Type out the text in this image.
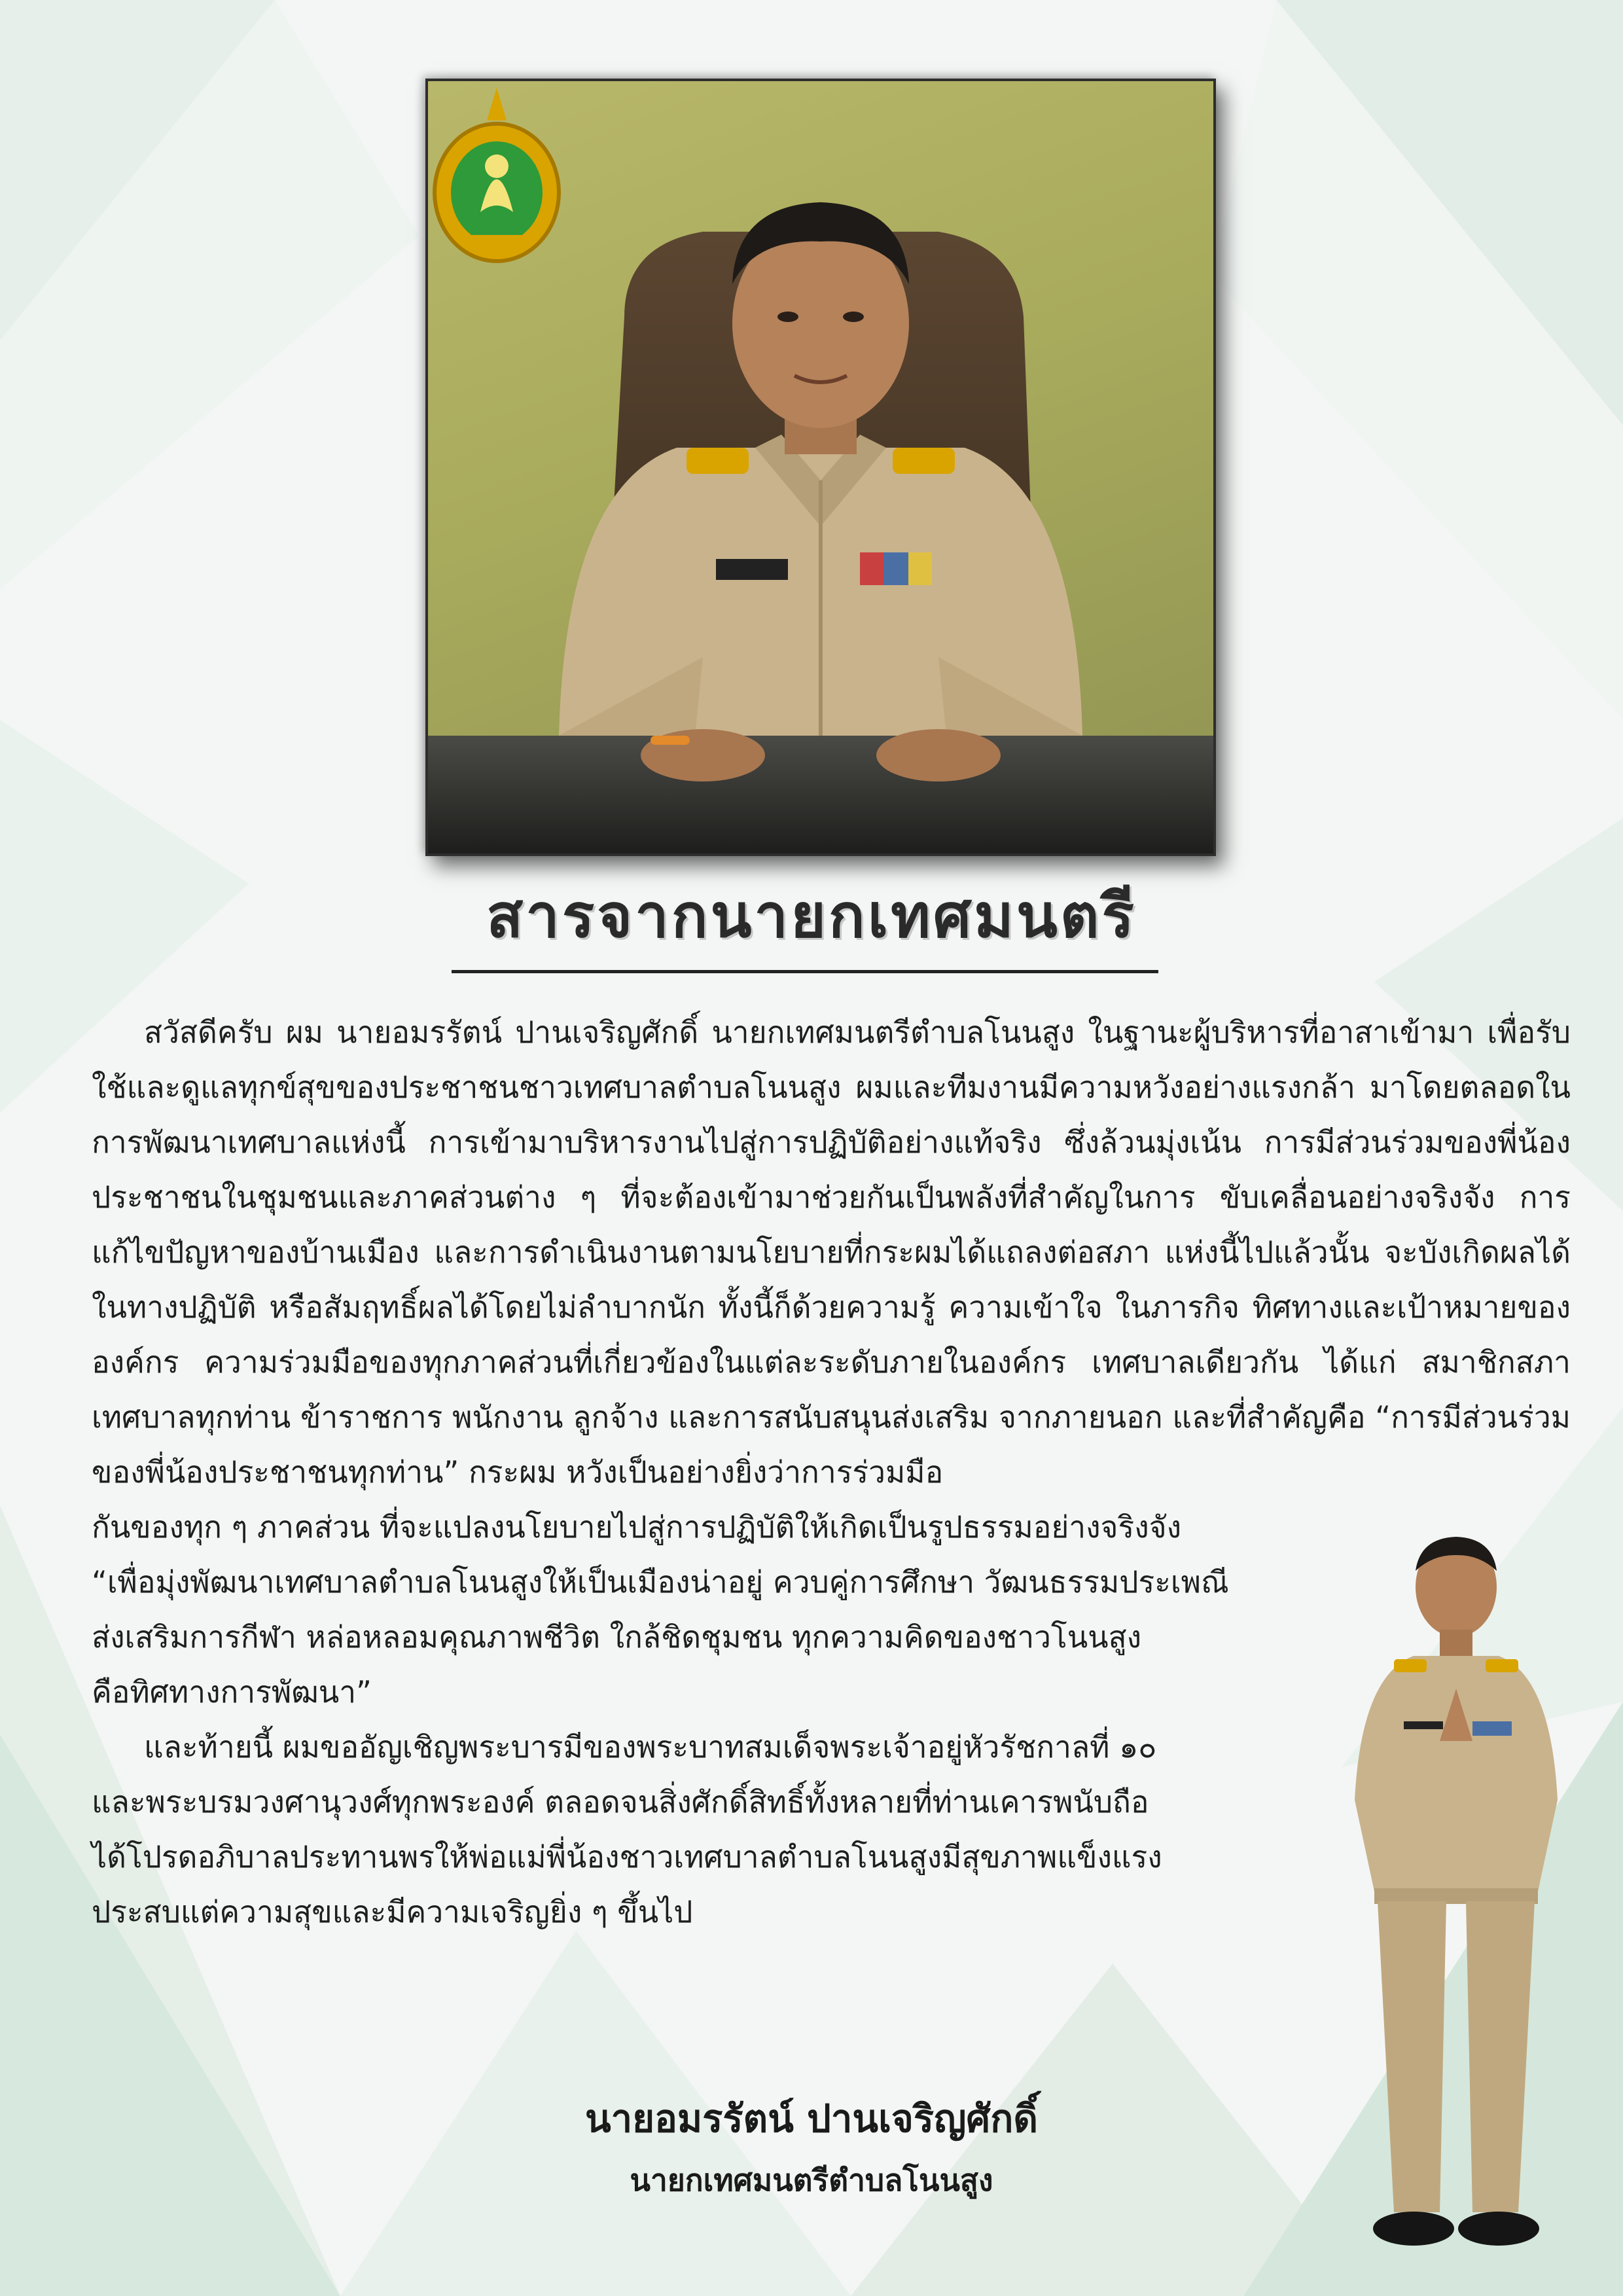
สารจากนายกเทศมนตรี

สวัสดีครับ ผม นายอมรรัตน์ ปานเจริญศักดิ์ นายกเทศมนตรีตำบลโนนสูง ในฐานะผู้บริหารที่อาสาเข้ามา เพื่อรับใช้และดูแลทุกข์สุขของประชาชนชาวเทศบาลตำบลโนนสูง ผมและทีมงานมีความหวังอย่างแรงกล้า มาโดยตลอดในการพัฒนาเทศบาลแห่งนี้ การเข้ามาบริหารงานไปสู่การปฏิบัติอย่างแท้จริง ซึ่งล้วนมุ่งเน้น การมีส่วนร่วมของพี่น้องประชาชนในชุมชนและภาคส่วนต่าง ๆ ที่จะต้องเข้ามาช่วยกันเป็นพลังที่สำคัญในการ ขับเคลื่อนอย่างจริงจัง การแก้ไขปัญหาของบ้านเมือง และการดำเนินงานตามนโยบายที่กระผมได้แถลงต่อสภา แห่งนี้ไปแล้วนั้น จะบังเกิดผลได้ในทางปฏิบัติ หรือสัมฤทธิ์ผลได้โดยไม่ลำบากนัก ทั้งนี้ก็ด้วยความรู้ ความเข้าใจ ในภารกิจ ทิศทางและเป้าหมายขององค์กร ความร่วมมือของทุกภาคส่วนที่เกี่ยวข้องในแต่ละระดับภายในองค์กร เทศบาลเดียวกัน ได้แก่ สมาชิกสภาเทศบาลทุกท่าน ข้าราชการ พนักงาน ลูกจ้าง และการสนับสนุนส่งเสริม จากภายนอก และที่สำคัญคือ “การมีส่วนร่วมของพี่น้องประชาชนทุกท่าน” กระผม หวังเป็นอย่างยิ่งว่าการร่วมมือ

กันของทุก ๆ ภาคส่วน ที่จะแปลงนโยบายไปสู่การปฏิบัติให้เกิดเป็นรูปธรรมอย่างจริงจัง

“เพื่อมุ่งพัฒนาเทศบาลตำบลโนนสูงให้เป็นเมืองน่าอยู่ ควบคู่การศึกษา วัฒนธรรมประเพณี

ส่งเสริมการกีฬา หล่อหลอมคุณภาพชีวิต ใกล้ชิดชุมชน ทุกความคิดของชาวโนนสูง

คือทิศทางการพัฒนา”

และท้ายนี้ ผมขออัญเชิญพระบารมีของพระบาทสมเด็จพระเจ้าอยู่หัวรัชกาลที่ ๑๐

และพระบรมวงศานุวงศ์ทุกพระองค์ ตลอดจนสิ่งศักดิ์สิทธิ์ทั้งหลายที่ท่านเคารพนับถือ

ได้โปรดอภิบาลประทานพรให้พ่อแม่พี่น้องชาวเทศบาลตำบลโนนสูงมีสุขภาพแข็งแรง

ประสบแต่ความสุขและมีความเจริญยิ่ง ๆ ขึ้นไป

นายอมรรัตน์ ปานเจริญศักดิ์
นายกเทศมนตรีตำบลโนนสูง
